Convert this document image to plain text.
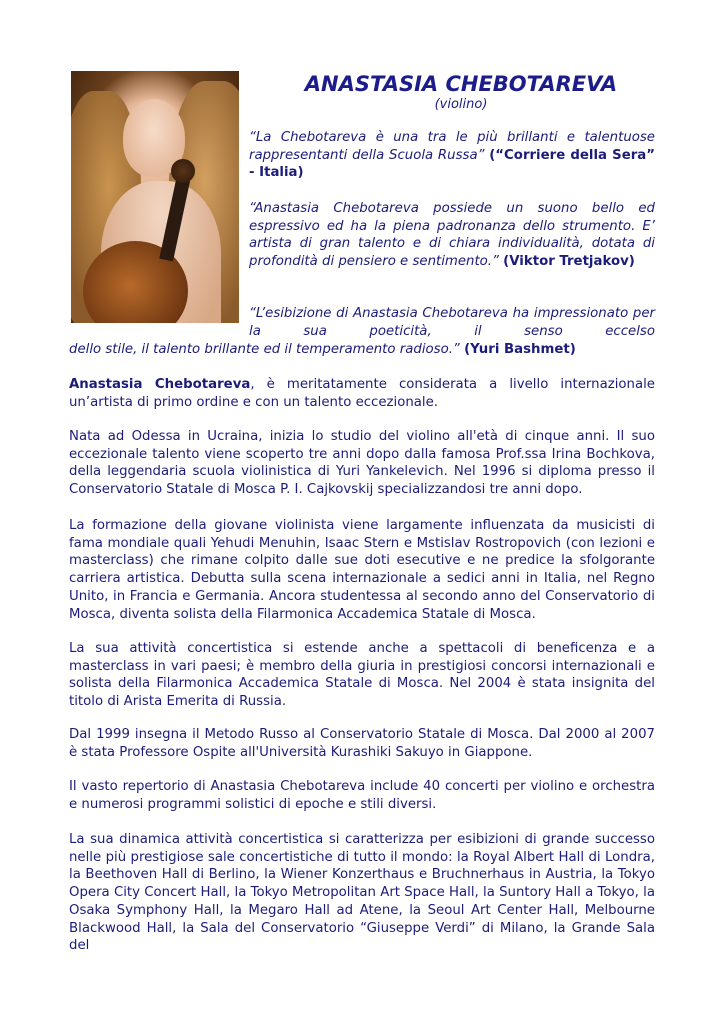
ANASTASIA CHEBOTAREVA

(violino)

“La Chebotareva è una tra le più brillanti e talentuose rappresentanti della Scuola Russa” (“Corriere della Sera” - Italia)

“Anastasia Chebotareva possiede un suono bello ed espressivo ed ha la piena padronanza dello strumento. E’ artista di gran talento e di chiara individualità, dotata di profondità di pensiero e sentimento.” (Viktor Tretjakov)

“L’esibizione di Anastasia Chebotareva ha impressionato per la sua poeticità, il senso eccelso

dello stile, il talento brillante ed il temperamento radioso.” (Yuri Bashmet)

Anastasia Chebotareva, è meritatamente considerata a livello internazionale un’artista di primo ordine e con un talento eccezionale.

Nata ad Odessa in Ucraina, inizia lo studio del violino all'età di cinque anni. Il suo eccezionale talento viene scoperto tre anni dopo dalla famosa Prof.ssa Irina Bochkova, della leggendaria scuola violinistica di Yuri Yankelevich. Nel 1996 si diploma presso il Conservatorio Statale di Mosca P. I. Cajkovskij specializzandosi tre anni dopo.

La formazione della giovane violinista viene largamente influenzata da musicisti di fama mondiale quali Yehudi Menuhin, Isaac Stern e Mstislav Rostropovich (con lezioni e masterclass) che rimane colpito dalle sue doti esecutive e ne predice la sfolgorante carriera artistica. Debutta sulla scena internazionale a sedici anni in Italia, nel Regno Unito, in Francia e Germania. Ancora studentessa al secondo anno del Conservatorio di Mosca, diventa solista della Filarmonica Accademica Statale di Mosca.

La sua attività concertistica si estende anche a spettacoli di beneficenza e a masterclass in vari paesi; è membro della giuria in prestigiosi concorsi internazionali e solista della Filarmonica Accademica Statale di Mosca. Nel 2004 è stata insignita del titolo di Arista Emerita di Russia.

Dal 1999 insegna il Metodo Russo al Conservatorio Statale di Mosca. Dal 2000 al 2007 è stata Professore Ospite all'Università Kurashiki Sakuyo in Giappone.

Il vasto repertorio di Anastasia Chebotareva include 40 concerti per violino e orchestra e numerosi programmi solistici di epoche e stili diversi.

La sua dinamica attività concertistica si caratterizza per esibizioni di grande successo nelle più prestigiose sale concertistiche di tutto il mondo: la Royal Albert Hall di Londra, la Beethoven Hall di Berlino, la Wiener Konzerthaus e Bruchnerhaus in Austria, la Tokyo Opera City Concert Hall, la Tokyo Metropolitan Art Space Hall, la Suntory Hall a Tokyo, la Osaka Symphony Hall, la Megaro Hall ad Atene, la Seoul Art Center Hall, Melbourne Blackwood Hall, la Sala del Conservatorio “Giuseppe Verdi” di Milano, la Grande Sala del
